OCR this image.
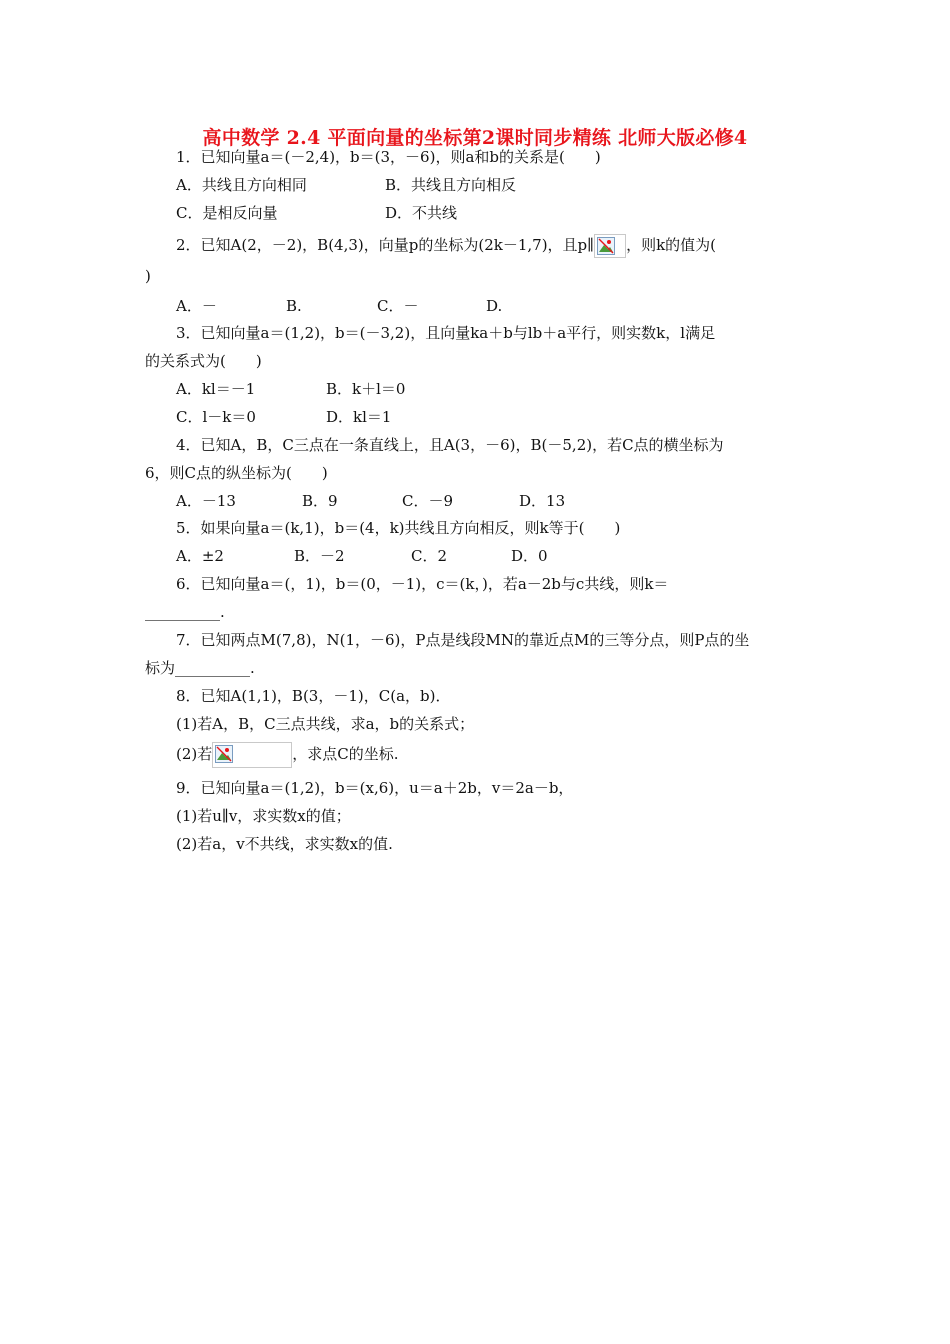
高中数学 2.4 平面向量的坐标第2课时同步精练 北师大版必修4
1．已知向量a＝(－2,4)，b＝(3，－6)，则a和b的关系是(　　)
A．共线且方向相同	B．共线且方向相反
C．是相反向量	D．不共线
2．已知A(2，－2)，B(4,3)，向量p的坐标为(2k－1,7)，且p∥ ，则k的值为(
)
A．－	B.	C．－	D.
3．已知向量a＝(1,2)，b＝(－3,2)，且向量ka＋b与lb＋a平行，则实数k，l满足
的关系式为(　　)
A．kl＝－1	B．k＋l＝0
C．l－k＝0	D．kl＝1
4．已知A，B，C三点在一条直线上，且A(3，－6)，B(－5,2)，若C点的横坐标为
6，则C点的纵坐标为(　　)
A．－13	B．9	C．－9	D．13
5．如果向量a＝(k,1)，b＝(4，k)共线且方向相反，则k等于(　　)
A．±2	B．－2	C．2	D．0
6．已知向量a＝(，1)，b＝(0，－1)，c＝(k，)，若a－2b与c共线，则k＝
__________.
7．已知两点M(7,8)，N(1，－6)，P点是线段MN的靠近点M的三等分点，则P点的坐
标为__________.
8．已知A(1,1)，B(3，－1)，C(a，b)．
(1)若A，B，C三点共线，求a，b的关系式；
(2)若	，求点C的坐标.
9．已知向量a＝(1,2)，b＝(x,6)，u＝a＋2b，v＝2a－b，
(1)若u∥v，求实数x的值；
(2)若a，v不共线，求实数x的值.
